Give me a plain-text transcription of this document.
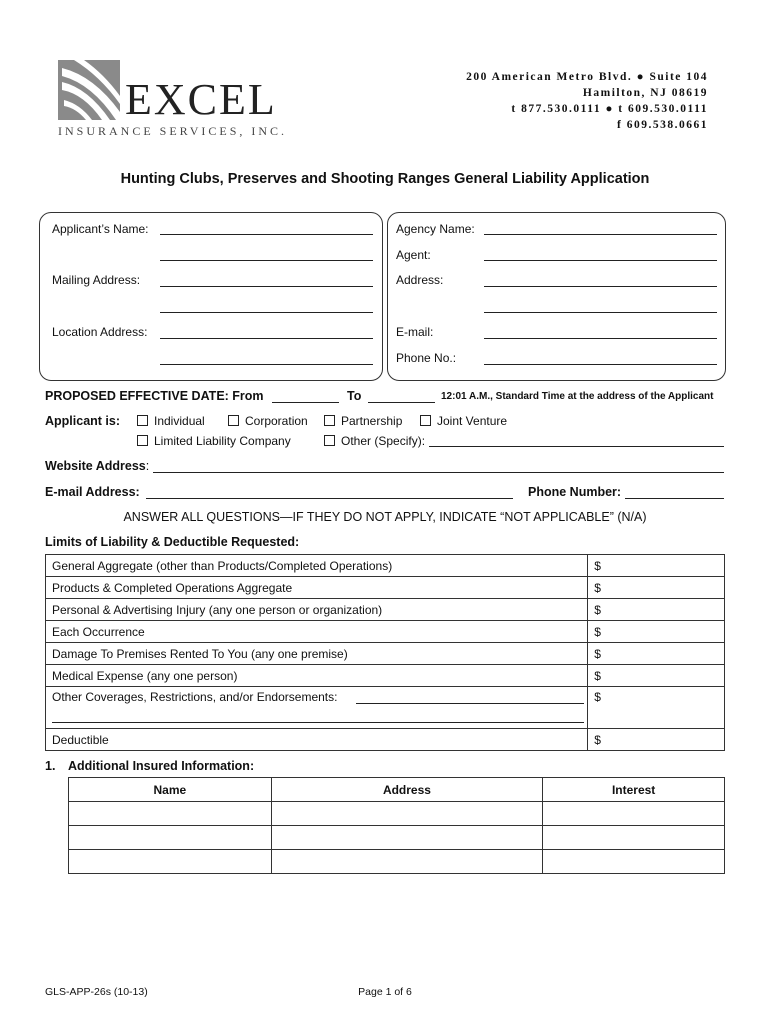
EXCEL
INSURANCE SERVICES, INC.
200 American Metro Blvd. ● Suite 104
Hamilton, NJ 08619
t 877.530.0111 ● t 609.530.0111
f 609.538.0661
Hunting Clubs, Preserves and Shooting Ranges General Liability Application
Applicant’s Name:
Mailing Address:
Location Address:
Agency Name:
Agent:
Address:
E-mail:
Phone No.:
PROPOSED EFFECTIVE DATE: From	To	12:01 A.M., Standard Time at the address of the Applicant
Applicant is:	Individual	Corporation	Partnership	Joint Venture
Limited Liability Company	Other (Specify):
Website Address:
E-mail Address:	Phone Number:
ANSWER ALL QUESTIONS—IF THEY DO NOT APPLY, INDICATE “NOT APPLICABLE” (N/A)
Limits of Liability & Deductible Requested:
General Aggregate (other than Products/Completed Operations)	$
Products & Completed Operations Aggregate	$
Personal & Advertising Injury (any one person or organization)	$
Each Occurrence	$
Damage To Premises Rented To You (any one premise)	$
Medical Expense (any one person)	$
Other Coverages, Restrictions, and/or Endorsements:	$
Deductible	$
1. Additional Insured Information:
Name	Address	Interest

GLS-APP-26s (10-13)	Page 1 of 6
